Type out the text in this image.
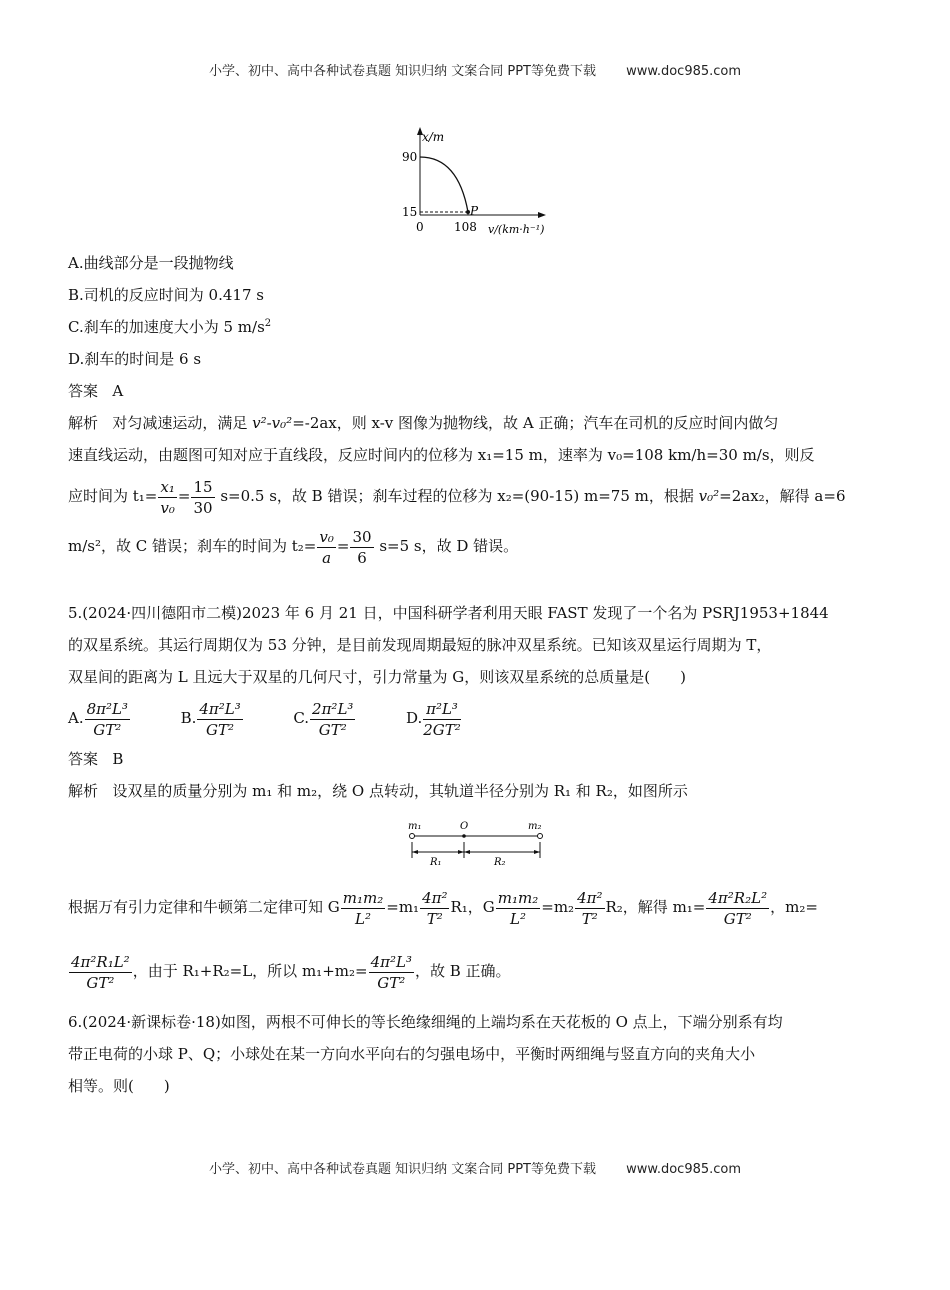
小学、初中、高中各种试卷真题 知识归纳 文案合同 PPT等免费下载 www.doc985.com
x/m
90
15
0	108 v/(km·h⁻¹)
P
A.曲线部分是一段抛物线
B.司机的反应时间为 0.417 s
C.刹车的加速度大小为 5 $m/s^2$
D.刹车的时间是 6 s
答案 A
解析 对匀减速运动，满足 v²-v₀²=-2ax，则 x-v 图像为抛物线，故 A 正确；汽车在司机的反应时间内做匀
速直线运动，由题图可知对应于直线段，反应时间内的位移为 x₁=15 m，速率为 v₀=108 km/h=30 m/s，则反
应时间为 $t_1= \frac{\text{x₁}}{\text{v₀}} = \frac{15}{30} s=0.5$ s，故 B 错误；刹车过程的位移为 x₂=(90-15) m=75 m，根据 v₀²=2ax₂，解得 a=6
m/s²，故 C 错误；刹车的时间为 $t_2= \frac{\text{v₀}}{a} = \frac{30}{6} s=5$ s，故 D 错误。
5.(2024·四川德阳市二模)2023 年 6 月 21 日，中国科研学者利用天眼 FAST 发现了一个名为 PSRJ1953+1844
的双星系统。其运行周期仅为 53 分钟，是目前发现周期最短的脉冲双星系统。已知该双星运行周期为 T，
双星间的距离为 L 且远大于双星的几何尺寸，引力常量为 G，则该双星系统的总质量是(　　)
A. $\frac{\text{8π²L³}}{\text{GT²}}$	B. $\frac{\text{4π²L³}}{\text{GT²}}$	C. $\frac{\text{2π²L³}}{\text{GT²}}$	D. $\frac{\text{π²L³}}{\text{2GT²}}$
答案 B
解析 设双星的质量分别为 m₁ 和 m₂，绕 O 点转动，其轨道半径分别为 R₁ 和 R₂，如图所示
m₁	O	m₂
R₁	R₂
根据万有引力定律和牛顿第二定律可知 G $\frac{\text{m₁m₂}}{\text{L²}} =m_1 \frac{\text{4π²}}{\text{T²}} R_1$，G $\frac{\text{m₁m₂}}{\text{L²}} =m_2 \frac{\text{4π²}}{\text{T²}} R_2$，解得 $m_1= \frac{\text{4π²R₂L²}}{\text{GT²}}$ ，m₂=
$\frac{\text{4π²R₁L²}}{\text{GT²}}$ ，由于 R₁+R₂=L，所以 $m_1+m_2= \frac{\text{4π²L³}}{\text{GT²}}$ ，故 B 正确。
6.(2024·新课标卷·18)如图，两根不可伸长的等长绝缘细绳的上端均系在天花板的 O 点上，下端分别系有均
带正电荷的小球 P、Q；小球处在某一方向水平向右的匀强电场中，平衡时两细绳与竖直方向的夹角大小
相等。则(　　)
小学、初中、高中各种试卷真题 知识归纳 文案合同 PPT等免费下载 www.doc985.com
